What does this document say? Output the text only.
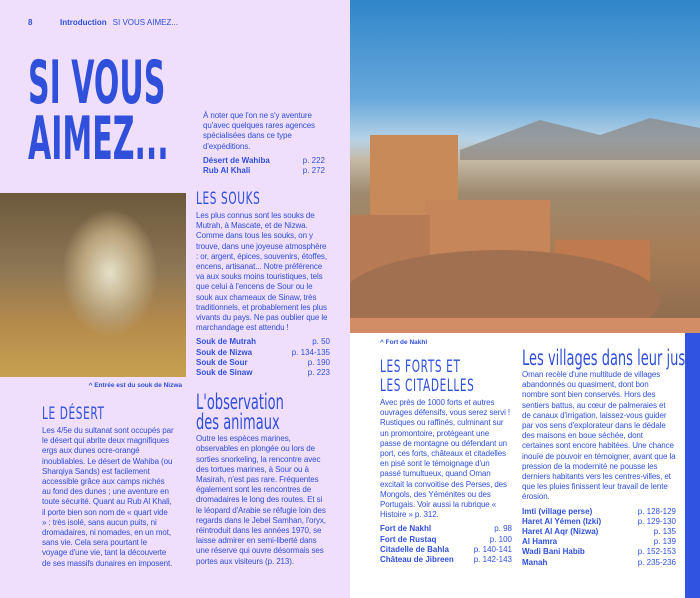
8	Introduction SI VOUS AIMEZ...
SI VOUS
AIMEZ...	À noter que l'on ne s'y aventure qu'avec quelques rares agences spécialisées dans ce type d'expéditions.

Désert de Wahiba	p. 222
Rub Al Khali	p. 272
^ Entrée est du souk de Nizwa
LE DÉSERT

Les 4/5e du sultanat sont occupés par le désert qui abrite deux magnifiques ergs aux dunes ocre-orangé inoubliables. Le désert de Wahiba (ou Sharqiya Sands) est facilement accessible grâce aux camps nichés au fond des dunes ; une aventure en toute sécurité. Quant au Rub Al Khali, il porte bien son nom de « quart vide » : très isolé, sans aucun puits, ni dromadaires, ni nomades, en un mot, sans vie. Cela sera pourtant le voyage d'une vie, tant la découverte de ses massifs dunaires en imposent.

LES SOUKS

Les plus connus sont les souks de Mutrah, à Mascate, et de Nizwa. Comme dans tous les souks, on y trouve, dans une joyeuse atmosphère : or, argent, épices, souvenirs, étoffes, encens, artisanat... Notre préférence va aux souks moins touristiques, tels que celui à l'encens de Sour ou le souk aux chameaux de Sinaw, très traditionnels, et probablement les plus vivants du pays. Ne pas oublier que le marchandage est attendu !

Souk de Mutrah	p. 50
Souk de Nizwa	p. 134-135
Souk de Sour	p. 190
Souk de Sinaw	p. 223
L'observation
des animaux

Outre les espèces marines, observables en plongée ou lors de sorties snorkeling, la rencontre avec des tortues marines, à Sour ou à Masirah, n'est pas rare. Fréquentes également sont les rencontres de dromadaires le long des routes. Et si le léopard d'Arabie se réfugie loin des regards dans le Jebel Samhan, l'oryx, réintroduit dans les années 1970, se laisse admirer en semi-liberté dans une réserve qui ouvre désormais ses portes aux visiteurs (p. 213).

^ Fort de Nakhl
LES FORTS ET
LES CITADELLES

Avec près de 1000 forts et autres ouvrages défensifs, vous serez servi ! Rustiques ou raffinés, culminant sur un promontoire, protégeant une passe de montagne ou défendant un port, ces forts, châteaux et citadelles en pisé sont le témoignage d'un passé tumultueux, quand Oman excitait la convoitise des Perses, des Mongols, des Yéménites ou des Portugais. Voir aussi la rubrique « Histoire » p. 312.

Fort de Nakhl	p. 98
Fort de Rustaq	p. 100
Citadelle de Bahla	p. 140-141
Château de Jibreen p. 142-143
Les villages dans leur jus

Oman recèle d'une multitude de villages abandonnés ou quasiment, dont bon nombre sont bien conservés. Hors des sentiers battus, au cœur de palmeraies et de canaux d'irrigation, laissez-vous guider par vos sens d'explorateur dans le dédale des maisons en boue séchée, dont certaines sont encore habitées. Une chance inouïe de pouvoir en témoigner, avant que la pression de la modernité ne pousse les derniers habitants vers les centres-villes, et que les pluies finissent leur travail de lente érosion.

Imti (village perse)	p. 128-129
Haret Al Yémen (Izki)	p. 129-130
Haret Al Aqr (Nizwa)	p. 135
Al Hamra	p. 139
Wadi Bani Habib	p. 152-153
Manah	p. 235-236
